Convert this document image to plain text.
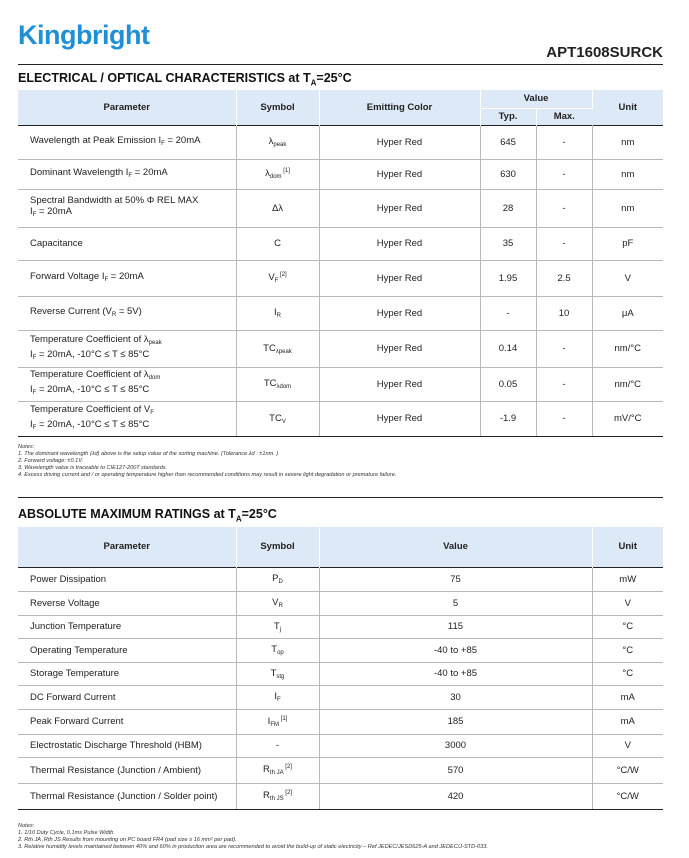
Kingbright
APT1608SURCK
ELECTRICAL / OPTICAL CHARACTERISTICS at $T_A=25^\circ C$
Parameter	Symbol	Emitting Color	Value		Unit
			Typ.	Max.	
Wavelength at Peak Emission $I_F = 20mA$	$\lambda_{peak}$	Hyper Red	645	-	nm
Dominant Wavelength $I_F = 20mA$	$\lambda_{dom}$ [1]	Hyper Red	630	-	nm
Spectral Bandwidth at 50% Φ REL MAX
$I_F = 20mA$	Δλ	Hyper Red	28	-	nm
Capacitance	C	Hyper Red	35	-	pF
Forward Voltage $I_F = 20mA$	$V_F$ [2]	Hyper Red	1.95	2.5	V
Reverse Current $(V_R = 5V)$	$I_R$	Hyper Red	-	10	μA
Temperature Coefficient of $\lambda_{peak}$
$I_F = 20mA$, -10°C ≤ T ≤ 85°C	$TC_{\lambda peak}$	Hyper Red	0.14	-	nm/°C
Temperature Coefficient of $\lambda_{dom}$
$I_F = 20mA$, -10°C ≤ T ≤ 85°C	$TC_{\lambda dom}$	Hyper Red	0.05	-	nm/°C
Temperature Coefficient of $V_F$
$I_F = 20mA$, -10°C ≤ T ≤ 85°C	$TC_V$	Hyper Red	-1.9	-	mV/°C
Notes:
1. The dominant wavelength (λd) above is the setup value of the sorting machine. (Tolerance λd : ±1nm. )
2. Forward voltage: ±0.1V.
3. Wavelength value is traceable to CIE127-2007 standards.
4. Excess driving current and / or operating temperature higher than recommended conditions may result in severe light degradation or premature failure.
ABSOLUTE MAXIMUM RATINGS at $T_A=25^\circ C$
Parameter	Symbol	Value	Unit
Power Dissipation	$P_D$	75	mW
Reverse Voltage	$V_R$	5	V
Junction Temperature	$T_j$	115	°C
Operating Temperature	$T_{op}$	-40 to +85	°C
Storage Temperature	$T_{stg}$	-40 to +85	°C
DC Forward Current	$I_F$	30	mA
Peak Forward Current	$I_{FM}$ [1]	185	mA
Electrostatic Discharge Threshold (HBM)	-	3000	V
Thermal Resistance (Junction / Ambient)	$R_{th JA}$ [2]	570	°C/W
Thermal Resistance (Junction / Solder point)	$R_{th JS}$ [2]	420	°C/W
Notes:
1. 1/10 Duty Cycle, 0.1ms Pulse Width.
2. Rth JA ,Rth JS Results from mounting on PC board FR4 (pad size ≥ 16 mm² per pad).
3. Relative humidity levels maintained between 40% and 60% in production area are recommended to avoid the build-up of static electricity – Ref JEDEC/JESD625-A and JEDEC/J-STD-033.
